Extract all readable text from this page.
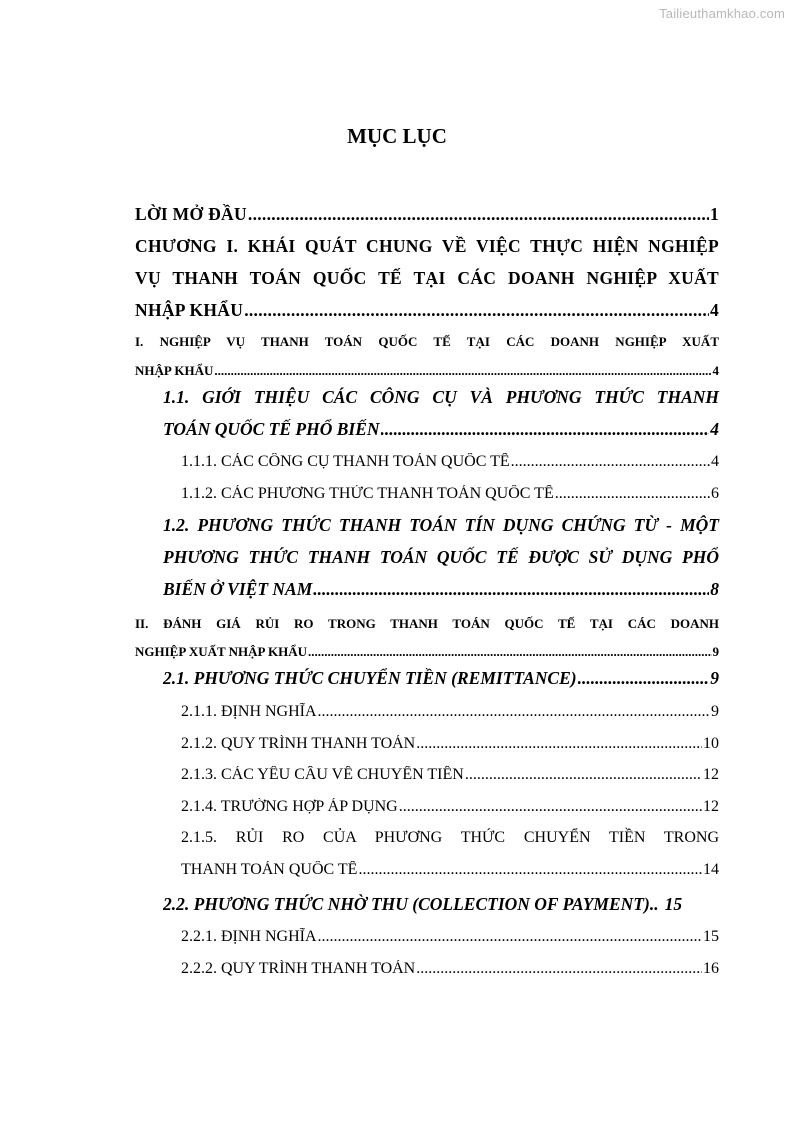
Tailieuthamkhao.com
MỤC LỤC
LỜI MỞ ĐẦU .....	1
CHƯƠNG I. KHÁI QUÁT CHUNG VỀ VIỆC THỰC HIỆN NGHIỆP
VỤ THANH TOÁN QUỐC TẾ TẠI CÁC DOANH NGHIỆP XUẤT
NHẬP KHẨU .....	4
I. NGHIỆP VỤ THANH TOÁN QUỐC TẾ TẠI CÁC DOANH NGHIỆP XUẤT
NHẬP KHẨU .....	4
1.1. GIỚI THIỆU CÁC CÔNG CỤ VÀ PHƯƠNG THỨC THANH
TOÁN QUỐC TẾ PHỔ BIẾN .....	4
1.1.1. CÁC CÔNG CỤ THANH TOÁN QUỐC TẾ .....	4
1.1.2. CÁC PHƯƠNG THỨC THANH TOÁN QUỐC TẾ .....	6
1.2. PHƯƠNG THỨC THANH TOÁN TÍN DỤNG CHỨNG TỪ - MỘT
PHƯƠNG THỨC THANH TOÁN QUỐC TẾ ĐƯỢC SỬ DỤNG PHỔ
BIẾN Ở VIỆT NAM .....	8
II. ĐÁNH GIÁ RỦI RO TRONG THANH TOÁN QUỐC TẾ TẠI CÁC DOANH
NGHIỆP XUẤT NHẬP KHẨU .....	9
2.1. PHƯƠNG THỨC CHUYỂN TIỀN (REMITTANCE) .....	9
2.1.1. ĐỊNH NGHĨA .....	9
2.1.2. QUY TRÌNH THANH TOÁN .....	10
2.1.3. CÁC YÊU CẦU VỀ CHUYỂN TIỀN .....	12
2.1.4. TRƯỜNG HỢP ÁP DỤNG .....	12
2.1.5. RỦI RO CỦA PHƯƠNG THỨC CHUYỂN TIỀN TRONG
THANH TOÁN QUỐC TẾ .....	14
2.2. PHƯƠNG THỨC NHỜ THU (COLLECTION OF PAYMENT).. 15
2.2.1. ĐỊNH NGHĨA .....	15
2.2.2. QUY TRÌNH THANH TOÁN .....	16
